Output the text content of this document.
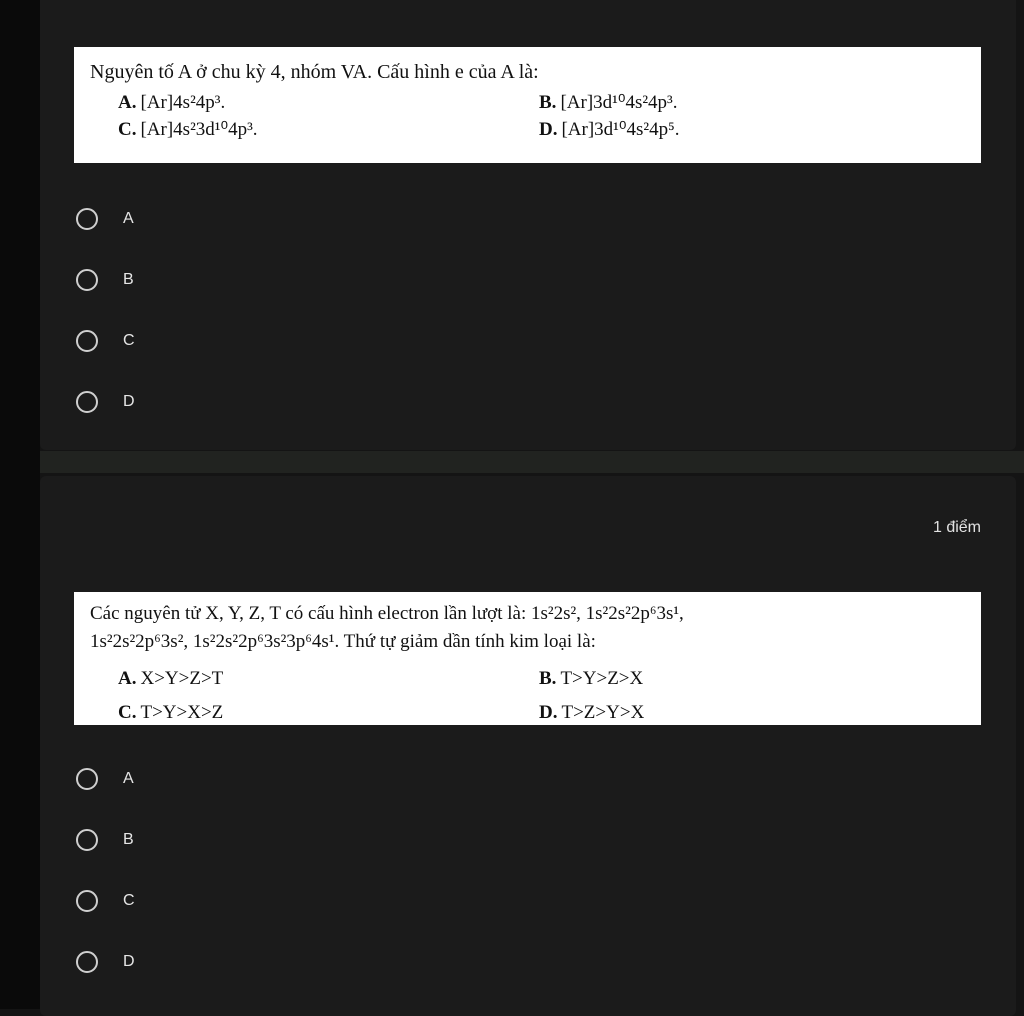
Nguyên tố A ở chu kỳ 4, nhóm VA. Cấu hình e của A là:

A. [Ar]4s²4p³.	B. [Ar]3d¹⁰4s²4p³.
C. [Ar]4s²3d¹⁰4p³.	D. [Ar]3d¹⁰4s²4p⁵.
A
B
C
D
1 điểm

Các nguyên tử X, Y, Z, T có cấu hình electron lần lượt là: 1s²2s², 1s²2s²2p⁶3s¹,
1s²2s²2p⁶3s², 1s²2s²2p⁶3s²3p⁶4s¹. Thứ tự giảm dần tính kim loại là:

A. X>Y>Z>T	B. T>Y>Z>X
C. T>Y>X>Z	D. T>Z>Y>X
A
B
C
D
